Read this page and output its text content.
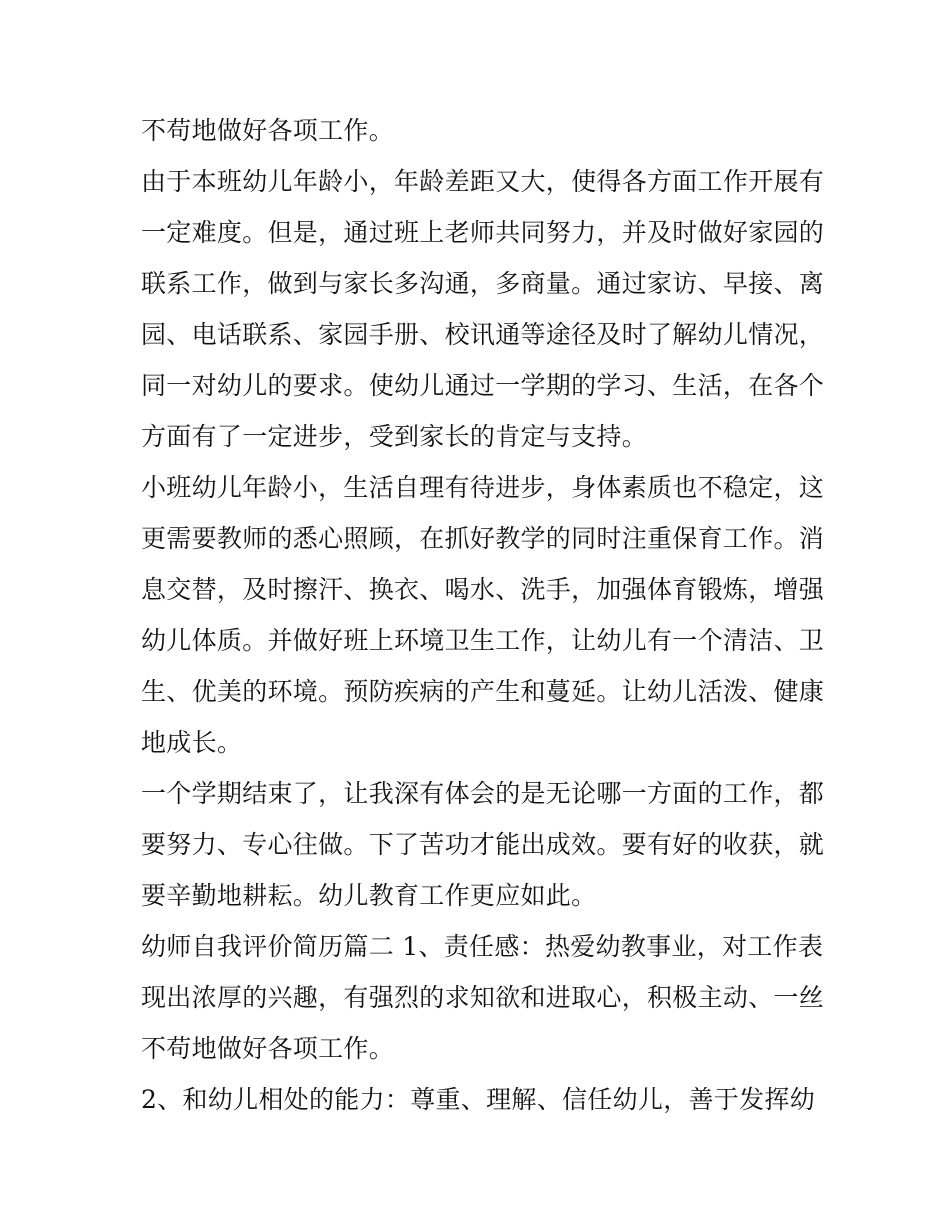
不苟地做好各项工作。
由于本班幼儿年龄小，年龄差距又大，使得各方面工作开展有
一定难度。但是，通过班上老师共同努力，并及时做好家园的
联系工作，做到与家长多沟通，多商量。通过家访、早接、离
园、电话联系、家园手册、校讯通等途径及时了解幼儿情况，
同一对幼儿的要求。使幼儿通过一学期的学习、生活，在各个
方面有了一定进步，受到家长的肯定与支持。
小班幼儿年龄小，生活自理有待进步，身体素质也不稳定，这
更需要教师的悉心照顾，在抓好教学的同时注重保育工作。消
息交替，及时擦汗、换衣、喝水、洗手，加强体育锻炼，增强
幼儿体质。并做好班上环境卫生工作，让幼儿有一个清洁、卫
生、优美的环境。预防疾病的产生和蔓延。让幼儿活泼、健康
地成长。
一个学期结束了，让我深有体会的是无论哪一方面的工作，都
要努力、专心往做。下了苦功才能出成效。要有好的收获，就
要辛勤地耕耘。幼儿教育工作更应如此。
幼师自我评价简历篇二 1、责任感：热爱幼教事业，对工作表
现出浓厚的兴趣，有强烈的求知欲和进取心，积极主动、一丝
不苟地做好各项工作。
2、和幼儿相处的能力：尊重、理解、信任幼儿，善于发挥幼
